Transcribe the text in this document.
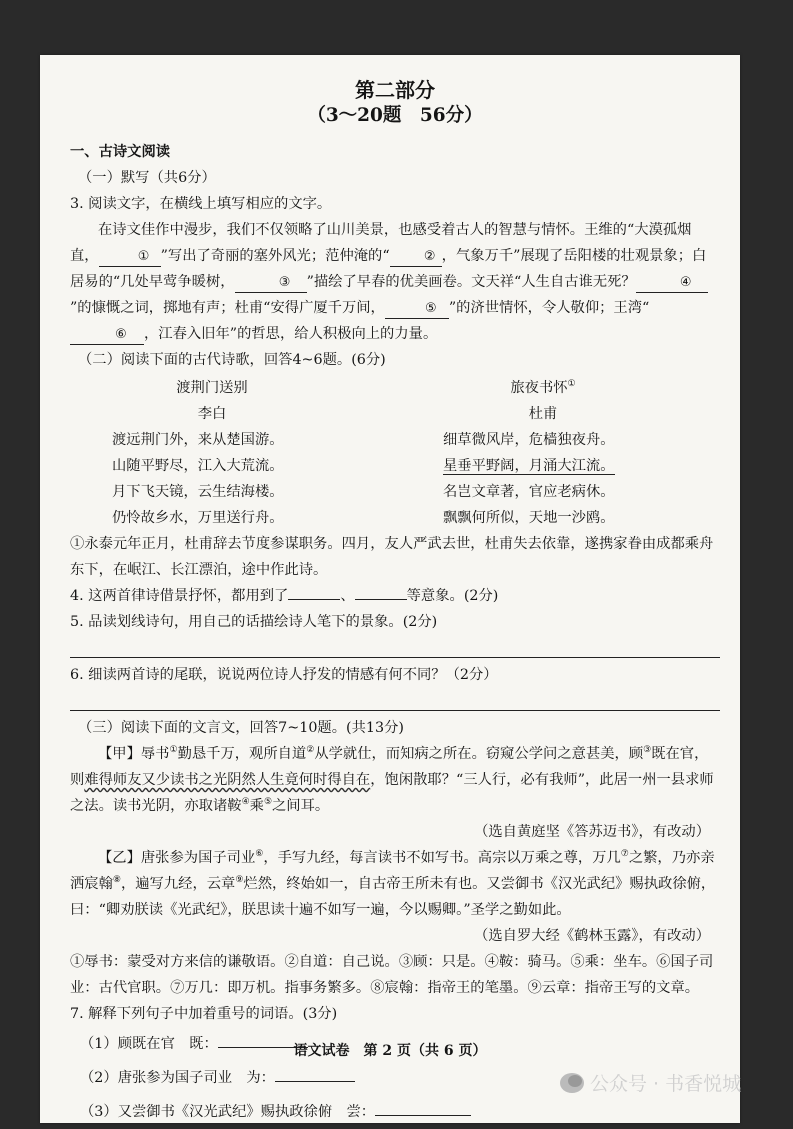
第二部分

（3～20题　56分）

一、古诗文阅读

（一）默写（共6分）

3. 阅读文字，在横线上填写相应的文字。

在诗文佳作中漫步，我们不仅领略了山川美景，也感受着古人的智慧与情怀。王维的“大漠孤烟直，	① ”写出了奇丽的塞外风光；范仲淹的“	② ，气象万千”展现了岳阳楼的壮观景象；白居易的“几处早莺争暖树，	③ ”描绘了早春的优美画卷。文天祥“人生自古谁无死？	④”的慷慨之词，掷地有声；杜甫“安得广厦千万间，	⑤ ”的济世情怀，令人敬仰；王湾“⑥ ，江春入旧年”的哲思，给人积极向上的力量。

（二）阅读下面的古代诗歌，回答4~6题。(6分)

渡荆门送别

李白

渡远荆门外，来从楚国游。

山随平野尽，江入大荒流。

月下飞天镜，云生结海楼。

仍怜故乡水，万里送行舟。

旅夜书怀①

杜甫

细草微风岸，危樯独夜舟。

星垂平野阔，月涌大江流。

名岂文章著，官应老病休。

飘飘何所似，天地一沙鸥。

①永泰元年正月，杜甫辞去节度参谋职务。四月，友人严武去世，杜甫失去依靠，遂携家眷由成都乘舟东下，在岷江、长江漂泊，途中作此诗。

4. 这两首律诗借景抒怀，都用到了	、	等意象。(2分)

5. 品读划线诗句，用自己的话描绘诗人笔下的景象。(2分)

6. 细读两首诗的尾联，说说两位诗人抒发的情感有何不同？（2分）

（三）阅读下面的文言文，回答7~10题。(共13分)

【甲】辱书①勤恳千万，观所自道②从学就仕，而知病之所在。窃窥公学问之意甚美，顾③既在官，则难得师友又少读书之光阴然人生竟何时得自在，饱闲散耶？“三人行，必有我师”，此居一州一县求师之法。读书光阴，亦取诸鞍④乘⑤之间耳。

（选自黄庭坚《答苏迈书》，有改动）

【乙】唐张参为国子司业⑥，手写九经，每言读书不如写书。高宗以万乘之尊，万几⑦之繁，乃亦亲洒宸翰⑧，遍写九经，云章⑨烂然，终始如一，自古帝王所未有也。又尝御书《汉光武纪》赐执政徐俯，曰：“卿劝朕读《光武纪》，朕思读十遍不如写一遍，今以赐卿。”圣学之勤如此。

（选自罗大经《鹤林玉露》，有改动）

①辱书：蒙受对方来信的谦敬语。②自道：自己说。③顾：只是。④鞍：骑马。⑤乘：坐车。⑥国子司业：古代官职。⑦万几：即万机。指事务繁多。⑧宸翰：指帝王的笔墨。⑨云章：指帝王写的文章。

7. 解释下列句子中加着重号的词语。(3分)

（1）顾既在官　既：

（2）唐张参为国子司业　为：

（3）又尝御书《汉光武纪》赐执政徐俯　尝：

语文试卷　第 2 页（共 6 页）

公众号 · 书香悦城
